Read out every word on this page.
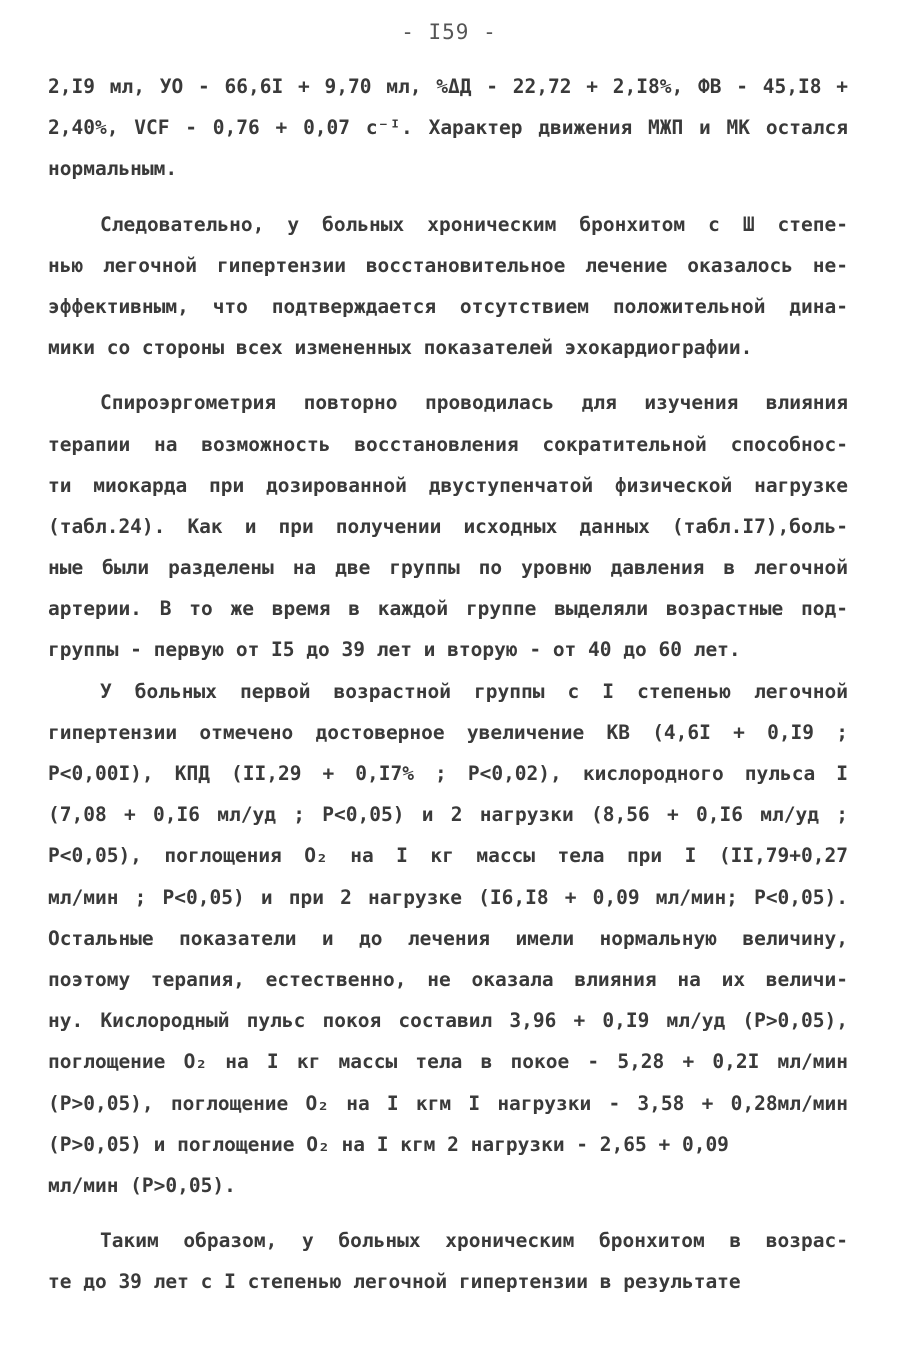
- I59 -
2,I9 мл, УО - 66,6I + 9,70 мл, %ΔД - 22,72 + 2,I8%, ФВ - 45,I8 +
2,40%, VCF - 0,76 + 0,07 c⁻ᴵ. Характер движения МЖП и МК остался
нормальным.
Следовательно, у больных хроническим бронхитом с Ш степе-
нью легочной гипертензии восстановительное лечение оказалось не-
эффективным, что подтверждается отсутствием положительной дина-
мики со стороны всех измененных показателей эхокардиографии.
Спироэргометрия повторно проводилась для изучения влияния
терапии на возможность восстановления сократительной способнос-
ти миокарда при дозированной двуступенчатой физической нагрузке
(табл.24). Как и при получении исходных данных (табл.I7),боль-
ные были разделены на две группы по уровню давления в легочной
артерии. В то же время в каждой группе выделяли возрастные под-
группы - первую от I5 до 39 лет и вторую - от 40 до 60 лет.
У больных первой возрастной группы с I степенью легочной
гипертензии отмечено достоверное увеличение КВ (4,6I + 0,I9 ;
P<0,00I), КПД (II,29 + 0,I7% ; P<0,02), кислородного пульса I
(7,08 + 0,I6 мл/уд ; P<0,05) и 2 нагрузки (8,56 + 0,I6 мл/уд ;
P<0,05), поглощения O₂ на I кг массы тела при I (II,79+0,27
мл/мин ; P<0,05) и при 2 нагрузке (I6,I8 + 0,09 мл/мин; P<0,05).
Остальные показатели и до лечения имели нормальную величину,
поэтому терапия, естественно, не оказала влияния на их величи-
ну. Кислородный пульс покоя составил 3,96 + 0,I9 мл/уд (P>0,05),
поглощение O₂ на I кг массы тела в покое - 5,28 + 0,2I мл/мин
(P>0,05), поглощение O₂ на I кгм I нагрузки - 3,58 + 0,28мл/мин
(P>0,05) и поглощение O₂ на I кгм 2 нагрузки - 2,65 + 0,09
мл/мин (P>0,05).
Таким образом, у больных хроническим бронхитом в возрас-
те до 39 лет с I степенью легочной гипертензии в результате
